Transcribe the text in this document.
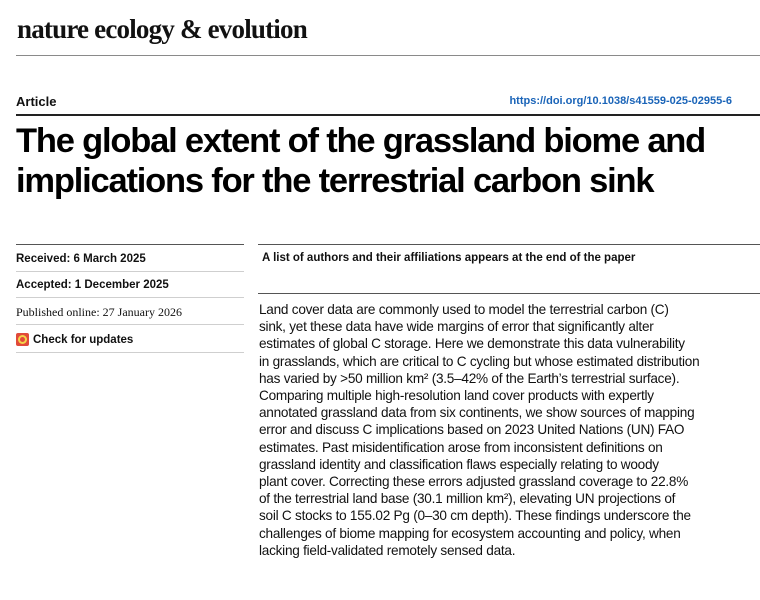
nature ecology & evolution
Article	https://doi.org/10.1038/s41559-025-02955-6
The global extent of the grassland biome and
implications for the terrestrial carbon sink
Received: 6 March 2025
Accepted: 1 December 2025
Published online: 27 January 2026
Check for updates
A list of authors and their affiliations appears at the end of the paper
Land cover data are commonly used to model the terrestrial carbon (C)
sink, yet these data have wide margins of error that significantly alter
estimates of global C storage. Here we demonstrate this data vulnerability
in grasslands, which are critical to C cycling but whose estimated distribution
has varied by >50 million km² (3.5–42% of the Earth’s terrestrial surface).
Comparing multiple high-resolution land cover products with expertly
annotated grassland data from six continents, we show sources of mapping
error and discuss C implications based on 2023 United Nations (UN) FAO
estimates. Past misidentification arose from inconsistent definitions on
grassland identity and classification flaws especially relating to woody
plant cover. Correcting these errors adjusted grassland coverage to 22.8%
of the terrestrial land base (30.1 million km²), elevating UN projections of
soil C stocks to 155.02 Pg (0–30 cm depth). These findings underscore the
challenges of biome mapping for ecosystem accounting and policy, when
lacking field-validated remotely sensed data.
